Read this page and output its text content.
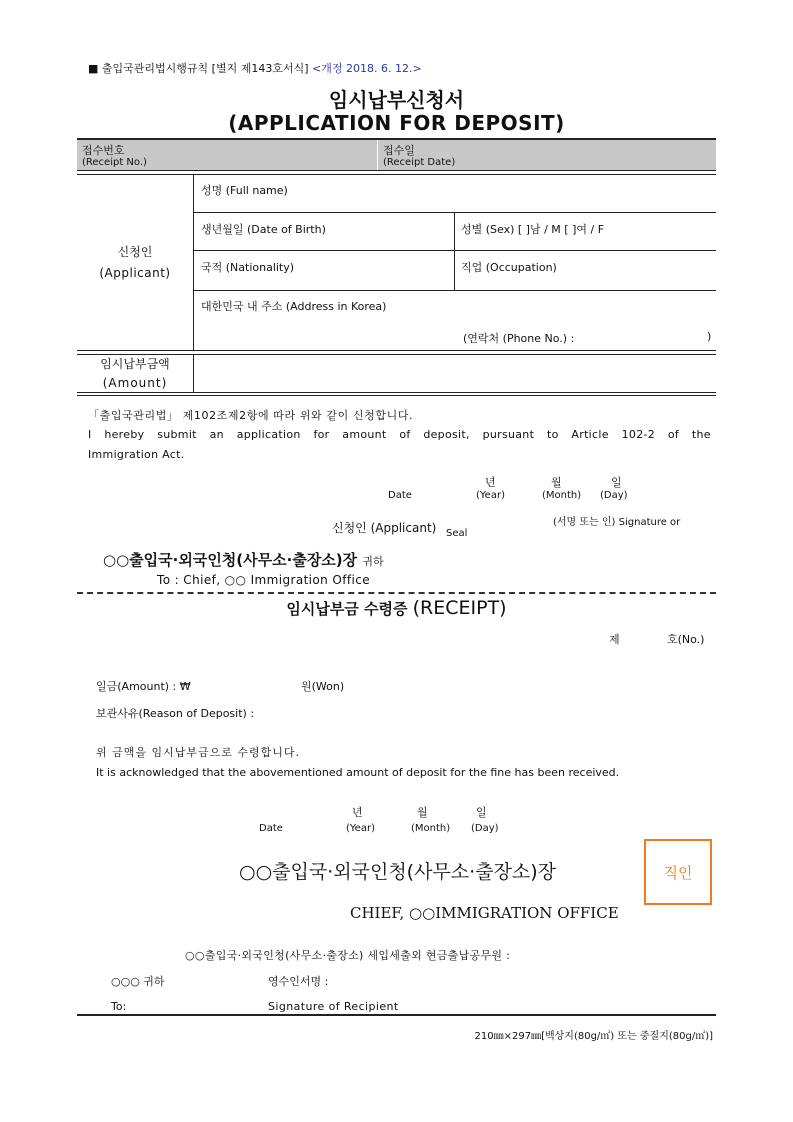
■ 출입국관리법시행규칙 [별지 제143호서식] <개정 2018. 6. 12.>
임시납부신청서
(APPLICATION FOR DEPOSIT)
접수번호
(Receipt No.)
접수일
(Receipt Date)
신청인
(Applicant)
성명 (Full name)
생년월일 (Date of Birth)	성별 (Sex) [ ]남 / M [ ]여 / F
국적 (Nationality)	직업 (Occupation)
대한민국 내 주소 (Address in Korea)
(연락처 (Phone No.) :	)
임시납부금액
(Amount)
「출입국관리법」 제102조제2항에 따라 위와 같이 신청합니다.
I hereby submit an application for amount of deposit, pursuant to Article 102-2 of the
Immigration Act.
년	월	일
Date	(Year)	(Month) (Day)
신청인 (Applicant) Seal
(서명 또는 인) Signature or
○○출입국·외국인청(사무소·출장소)장 귀하
To : Chief, ○○ Immigration Office
임시납부금 수령증 (RECEIPT)
제	호(No.)
일금(Amount) : ₩	원(Won)
보관사유(Reason of Deposit) :
위 금액을 임시납부금으로 수령합니다.
It is acknowledged that the abovementioned amount of deposit for the fine has been received.
년	월	일
Date	(Year)	(Month) (Day)
○○출입국·외국인청(사무소·출장소)장	직인
CHIEF, ○○IMMIGRATION OFFICE
○○출입국·외국인청(사무소·출장소) 세입세출외 현금출납공무원 :
○○○ 귀하	영수인서명 :
To:	Signature of Recipient
210㎜×297㎜[백상지(80g/㎡) 또는 중질지(80g/㎡)]
